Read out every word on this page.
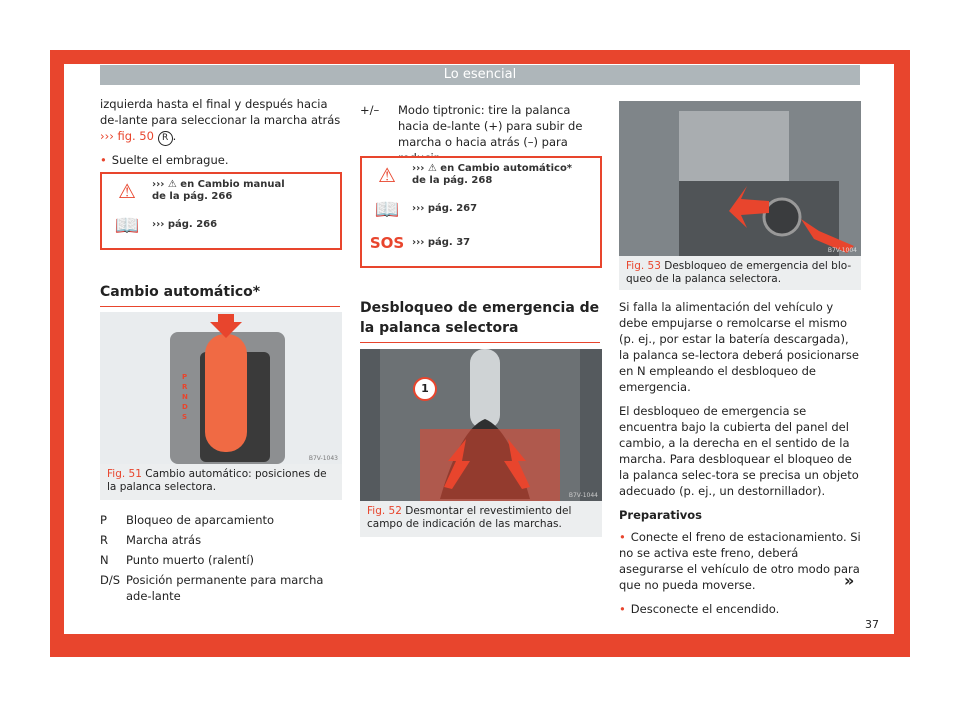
Lo esencial
izquierda hasta el final y después hacia de-lante para seleccionar la marcha atrás
››› fig. 50 R .
• Suelte el embrague.
⚠	››› ⚠ en Cambio manual de la pág. 266
📖	››› pág. 266
Cambio automático*
P
R
N
D
S
B7V-1043
Fig. 51 Cambio automático: posiciones de la palanca selectora.
P	Bloqueo de aparcamiento
R	Marcha atrás
N	Punto muerto (ralentí)
D/S Posición permanente para marcha ade-lante
+/–	Modo tiptronic: tire la palanca hacia de-lante (+) para subir de marcha o hacia atrás (–) para
⚠	››› ⚠ en Cambio automático* de la pág. 268
📖	››› pág. 267
SOS ››› pág. 37
Desbloqueo de emergencia de la palanca selectora
1
B7V-1044
Fig. 52 Desmontar el revestimiento del campo de indicación de las marchas.
B7V-1004
Fig. 53 Desbloqueo de emergencia del blo-queo de la palanca selectora.
Si falla la alimentación del vehículo y debe empujarse o remolcarse el mismo (p. ej., por estar la batería descargada), la palanca se-lectora deberá posicionarse en N empleando el desbloqueo de emergencia.
El desbloqueo de emergencia se encuentra bajo la cubierta del panel del cambio, a la derecha en el sentido de la marcha. Para desbloquear el bloqueo de la palanca selec-tora se precisa un objeto adecuado (p. ej., un destornillador).
Preparativos
• Conecte el freno de estacionamiento. Si no se activa este freno, deberá asegurarse el vehículo de otro modo para que no pueda moverse.
• Desconecte el encendido.
»
37
